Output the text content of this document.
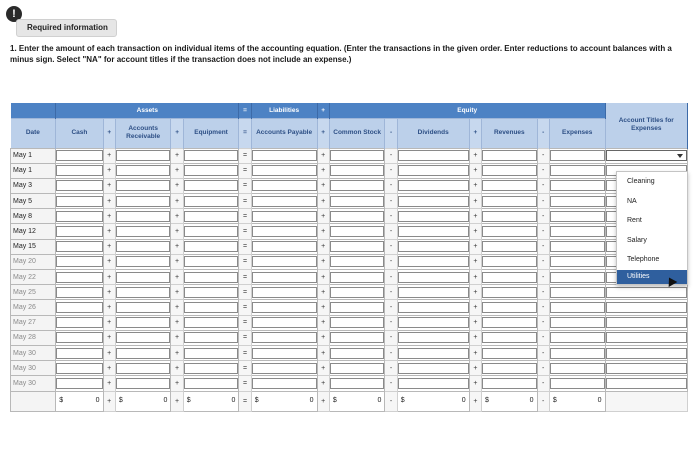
!
Required information
1. Enter the amount of each transaction on individual items of the accounting equation. (Enter the transactions in the given order. Enter reductions to account balances with a minus sign. Select "NA" for account titles if the transaction does not include an expense.)
	Assets					=	Liabilities	+	Equity							Account Titles for Expenses
Date	Cash	+	Accounts Receivable	+	Equipment	=	Accounts Payable	+	Common Stock	-	Dividends	+	Revenues	-	Expenses	
May 1		+		+		=		+		-		+		-	

May 1		+		+		=		+		-		+		-	

May 3		+		+		=		+		-		+		-	

May 5		+		+		=		+		-		+		-	

May 8		+		+		=		+		-		+		-	

May 12		+		+		=		+		-		+		-	

May 15		+		+		=		+		-		+		-	

May 20		+		+		=		+		-		+		-	

May 22		+		+		=		+		-		+		-	

May 25		+		+		=		+		-		+		-	

May 26		+		+		=		+		-		+		-	

May 27		+		+		=		+		-		+		-	

May 28		+		+		=		+		-		+		-	

May 30		+		+		=		+		-		+		-	

May 30		+		+		=		+		-		+		-	

May 30		+		+		=		+		-		+		-	

	$ 0	+	$ 0	+	$ 0	=	$ 0	+	$ 0	-	$ 0	+	$ 0	-	$ 0	

Cleaning
NA
Rent
Salary
Telephone
Utilities
